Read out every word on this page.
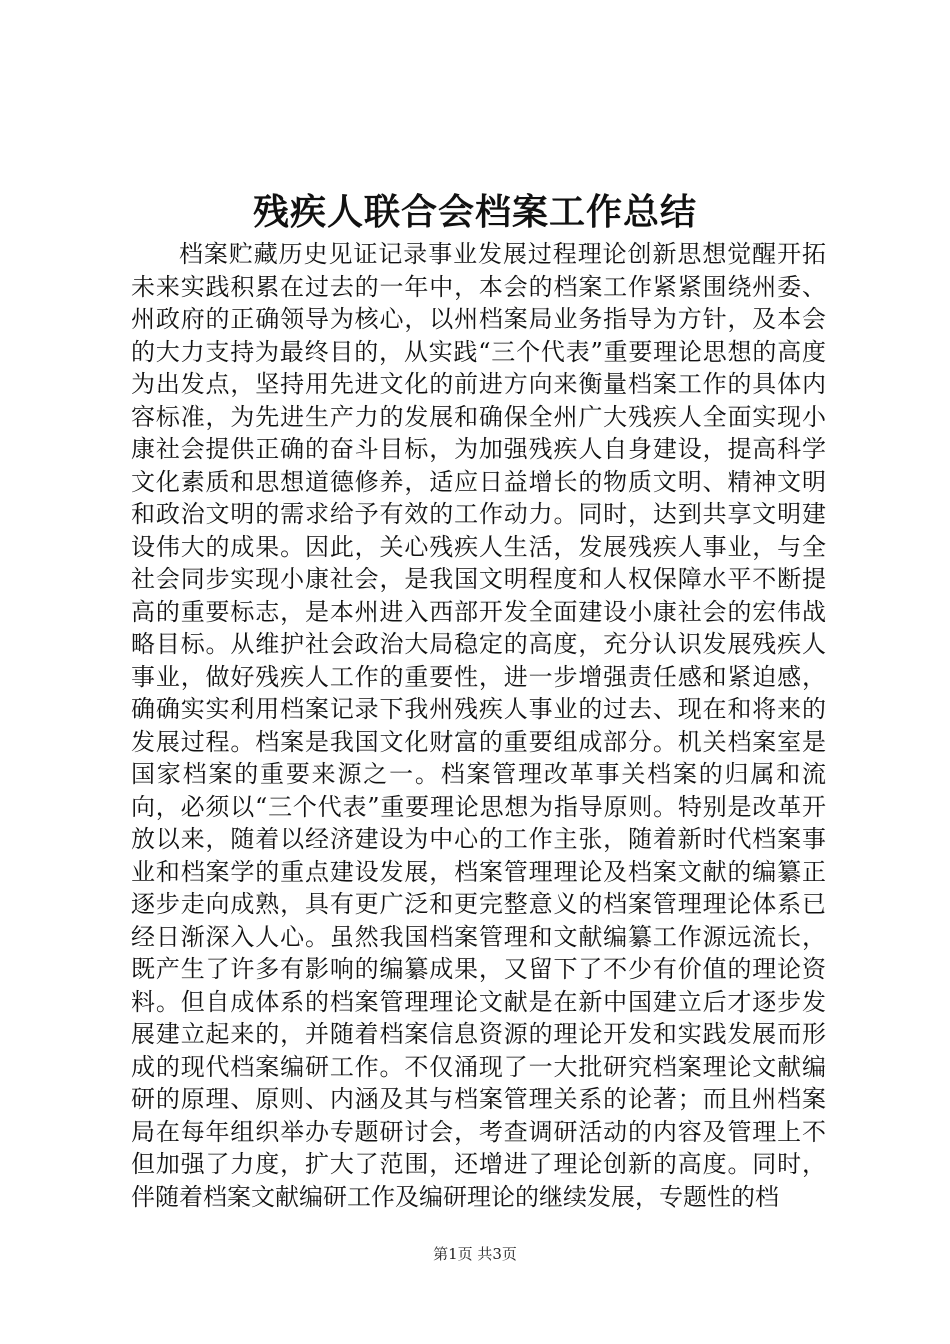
残疾人联合会档案工作总结

档案贮藏历史见证记录事业发展过程理论创新思想觉醒开拓未来实践积累在过去的一年中，本会的档案工作紧紧围绕州委、州政府的正确领导为核心，以州档案局业务指导为方针，及本会的大力支持为最终目的，从实践“三个代表”重要理论思想的高度为出发点，坚持用先进文化的前进方向来衡量档案工作的具体内容标准，为先进生产力的发展和确保全州广大残疾人全面实现小康社会提供正确的奋斗目标，为加强残疾人自身建设，提高科学文化素质和思想道德修养，适应日益增长的物质文明、精神文明和政治文明的需求给予有效的工作动力。同时，达到共享文明建设伟大的成果。因此，关心残疾人生活，发展残疾人事业，与全社会同步实现小康社会，是我国文明程度和人权保障水平不断提高的重要标志，是本州进入西部开发全面建设小康社会的宏伟战略目标。从维护社会政治大局稳定的高度，充分认识发展残疾人事业，做好残疾人工作的重要性，进一步增强责任感和紧迫感，确确实实利用档案记录下我州残疾人事业的过去、现在和将来的发展过程。档案是我国文化财富的重要组成部分。机关档案室是国家档案的重要来源之一。档案管理改革事关档案的归属和流向，必须以“三个代表”重要理论思想为指导原则。特别是改革开放以来，随着以经济建设为中心的工作主张，随着新时代档案事业和档案学的重点建设发展，档案管理理论及档案文献的编纂正逐步走向成熟，具有更广泛和更完整意义的档案管理理论体系已经日渐深入人心。虽然我国档案管理和文献编纂工作源远流长，既产生了许多有影响的编纂成果，又留下了不少有价值的理论资料。但自成体系的档案管理理论文献是在新中国建立后才逐步发展建立起来的，并随着档案信息资源的理论开发和实践发展而形成的现代档案编研工作。不仅涌现了一大批研究档案理论文献编研的原理、原则、内涵及其与档案管理关系的论著；而且州档案局在每年组织举办专题研讨会，考查调研活动的内容及管理上不但加强了力度，扩大了范围，还增进了理论创新的高度。同时，伴随着档案文献编研工作及编研理论的继续发展，专题性的档

第1页 共3页
